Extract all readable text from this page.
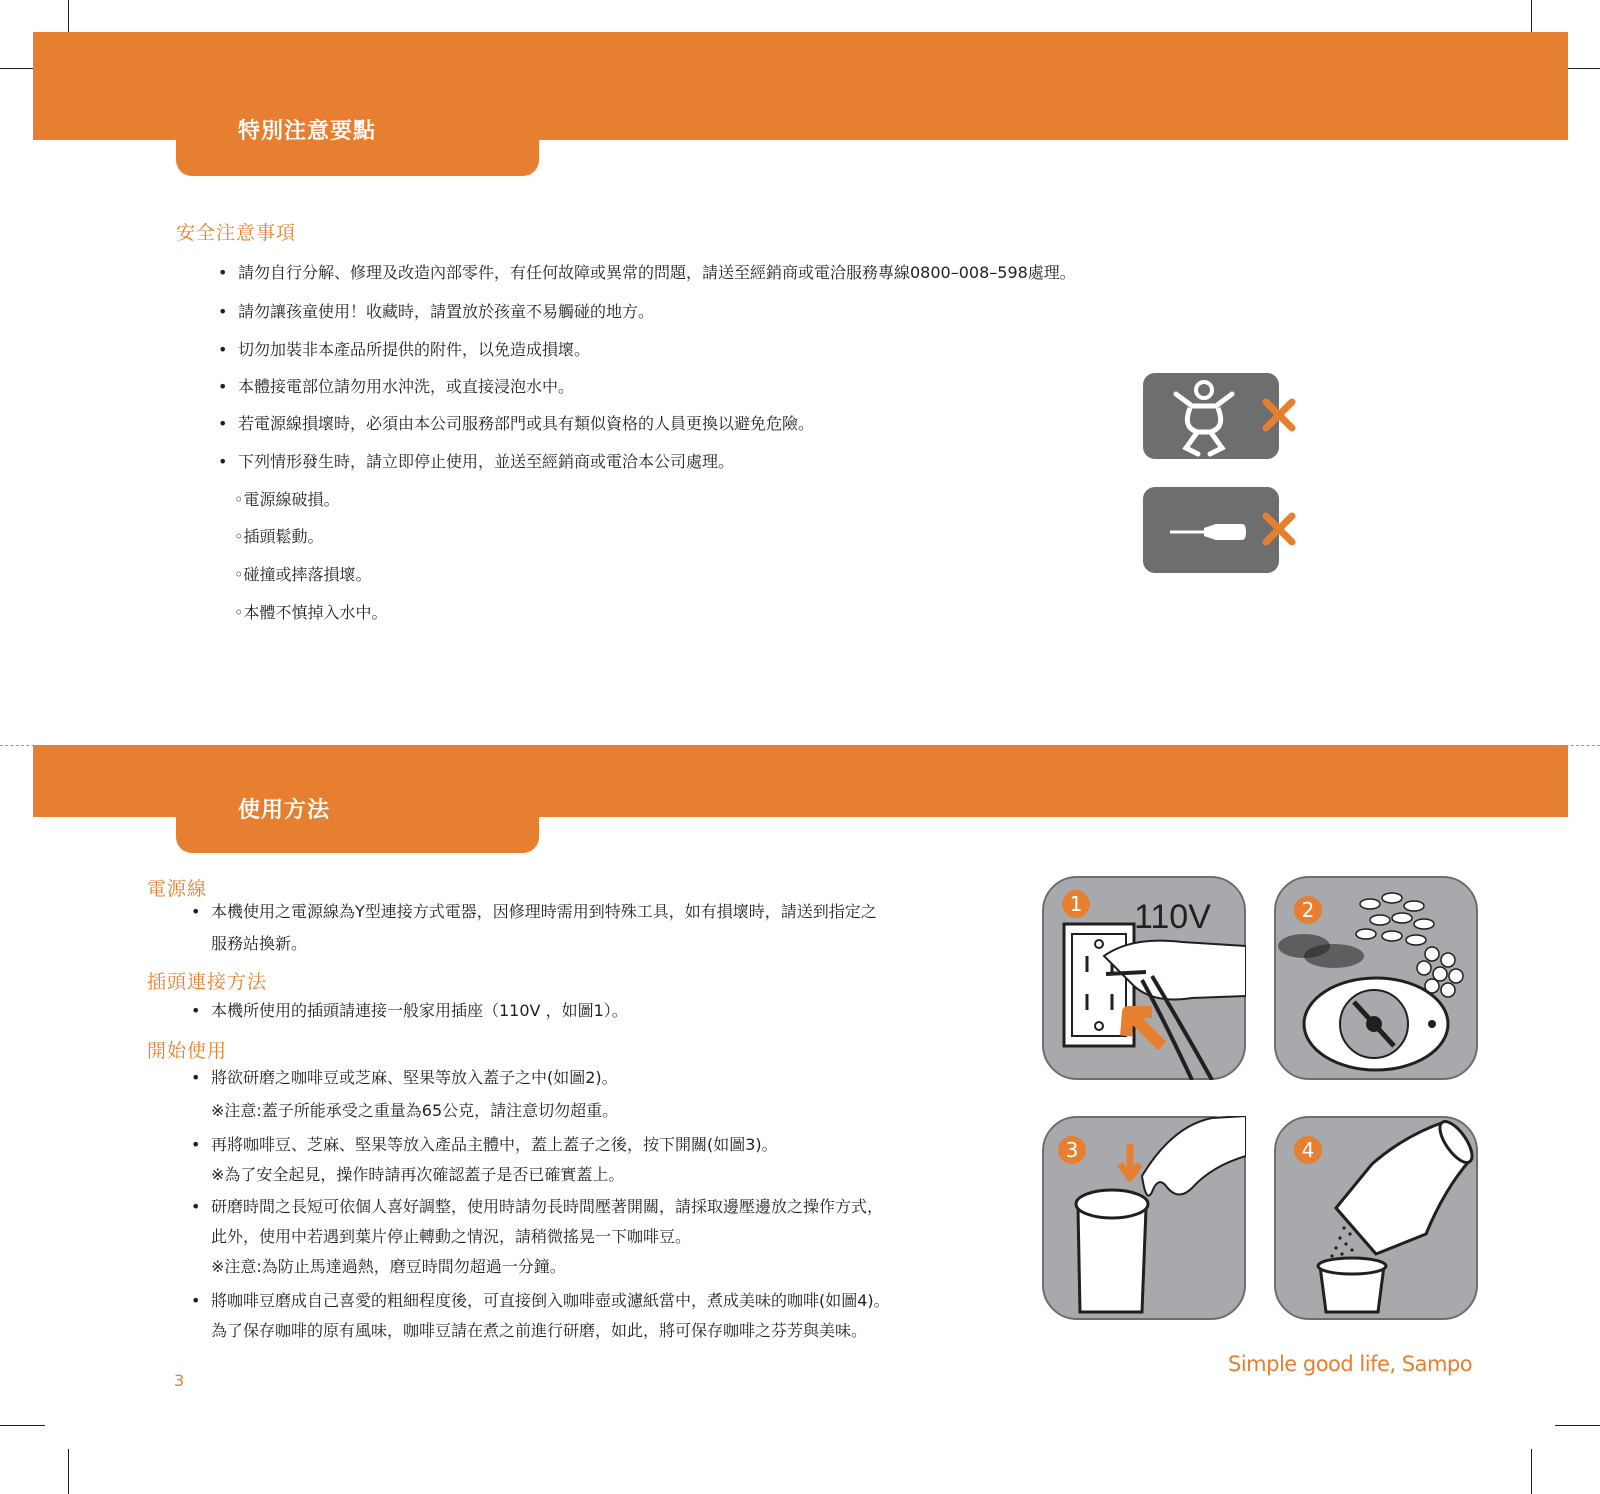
特別注意要點
安全注意事項
• 請勿自行分解、修理及改造內部零件，有任何故障或異常的問題，請送至經銷商或電洽服務專線0800–008–598處理。
• 請勿讓孩童使用！收藏時，請置放於孩童不易觸碰的地方。
• 切勿加裝非本產品所提供的附件，以免造成損壞。
• 本體接電部位請勿用水沖洗，或直接浸泡水中。
• 若電源線損壞時，必須由本公司服務部門或具有類似資格的人員更換以避免危險。
• 下列情形發生時，請立即停止使用，並送至經銷商或電洽本公司處理。
◦電源線破損。
◦插頭鬆動。
◦碰撞或摔落損壞。
◦本體不慎掉入水中。
使用方法
電源線
• 本機使用之電源線為Y型連接方式電器，因修理時需用到特殊工具，如有損壞時，請送到指定之
服務站換新。
插頭連接方法
• 本機所使用的插頭請連接一般家用插座（110V ，如圖1）。
開始使用
• 將欲研磨之咖啡豆或芝麻、堅果等放入蓋子之中(如圖2)。
※注意:蓋子所能承受之重量為65公克，請注意切勿超重。
• 再將咖啡豆、芝麻、堅果等放入產品主體中，蓋上蓋子之後，按下開關(如圖3)。
※為了安全起見，操作時請再次確認蓋子是否已確實蓋上。
• 研磨時間之長短可依個人喜好調整，使用時請勿長時間壓著開關，請採取邊壓邊放之操作方式，
此外，使用中若遇到葉片停止轉動之情況，請稍微搖晃一下咖啡豆。
※注意:為防止馬達過熱，磨豆時間勿超過一分鐘。
• 將咖啡豆磨成自己喜愛的粗細程度後，可直接倒入咖啡壺或濾紙當中，煮成美味的咖啡(如圖4)。
為了保存咖啡的原有風味，咖啡豆請在煮之前進行研磨，如此，將可保存咖啡之芬芳與美味。
1 110V	2
3	4
Simple good life, Sampo
3
